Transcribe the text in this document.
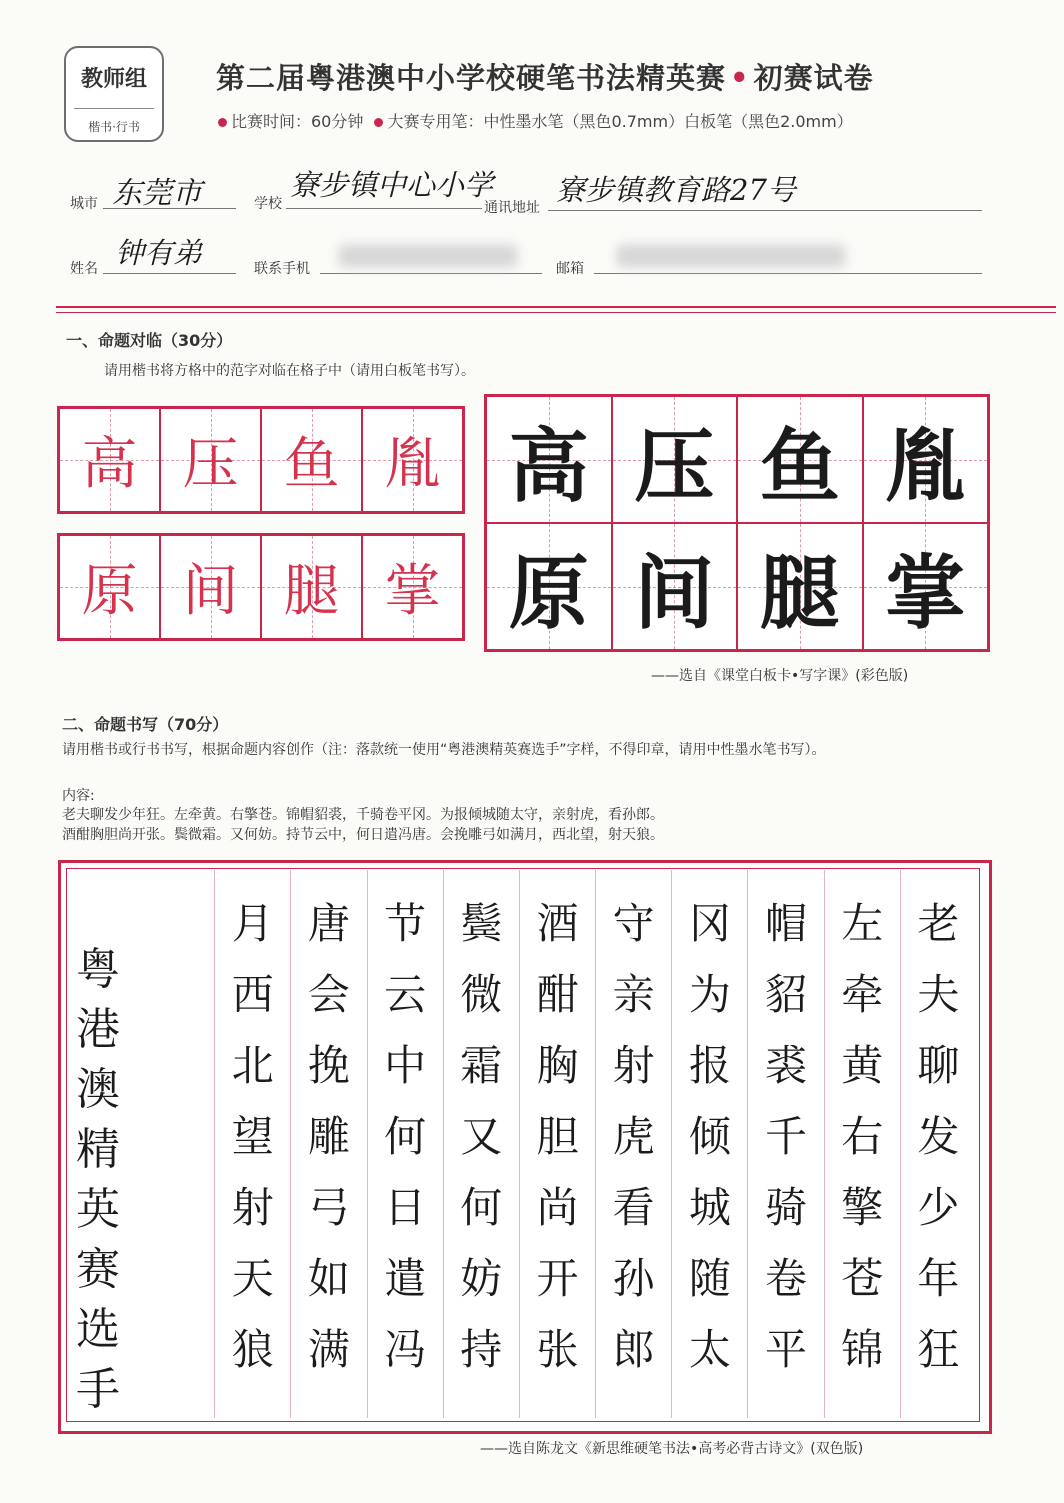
教师组
楷书·行书
第二届粤港澳中小学校硬笔书法精英赛 • 初赛试卷
比赛时间：60分钟 大赛专用笔：中性墨水笔（黑色0.7mm）白板笔（黑色2.0mm）
城市 东莞市	学校
寮步镇中心小学
通讯地址
寮步镇教育路27号
姓名 钟有弟	联系手机	邮箱
一、命题对临（30分）
请用楷书将方格中的范字对临在格子中（请用白板笔书写）。
高 压 鱼 胤
原 间 腿 掌
高 压 鱼 胤
原 间 腿 掌
——选自《课堂白板卡•写字课》(彩色版)
二、命题书写（70分）
请用楷书或行书书写，根据命题内容创作（注：落款统一使用“粤港澳精英赛选手”字样，不得印章，请用中性墨水笔书写）。
内容:
老夫聊发少年狂。左牵黄。右擎苍。锦帽貂裘，千骑卷平冈。为报倾城随太守，亲射虎，看孙郎。
酒酣胸胆尚开张。鬓微霜。又何妨。持节云中，何日遣冯唐。会挽雕弓如满月，西北望，射天狼。
粤
港
澳
精
英
赛
选
手
老
夫
聊
发
少
年
狂
左
牵
黄
右
擎
苍
锦
帽
貂
裘
千
骑
卷
平
冈
为
报
倾
城
随
太
守
亲
射
虎
看
孙
郎
酒
酣
胸
胆
尚
开
张
鬓
微
霜
又
何
妨
持
节
云
中
何
日
遣
冯
唐
会
挽
雕
弓
如
满
月
西
北
望
射
天
狼
——选自陈龙文《新思维硬笔书法•高考必背古诗文》(双色版)
